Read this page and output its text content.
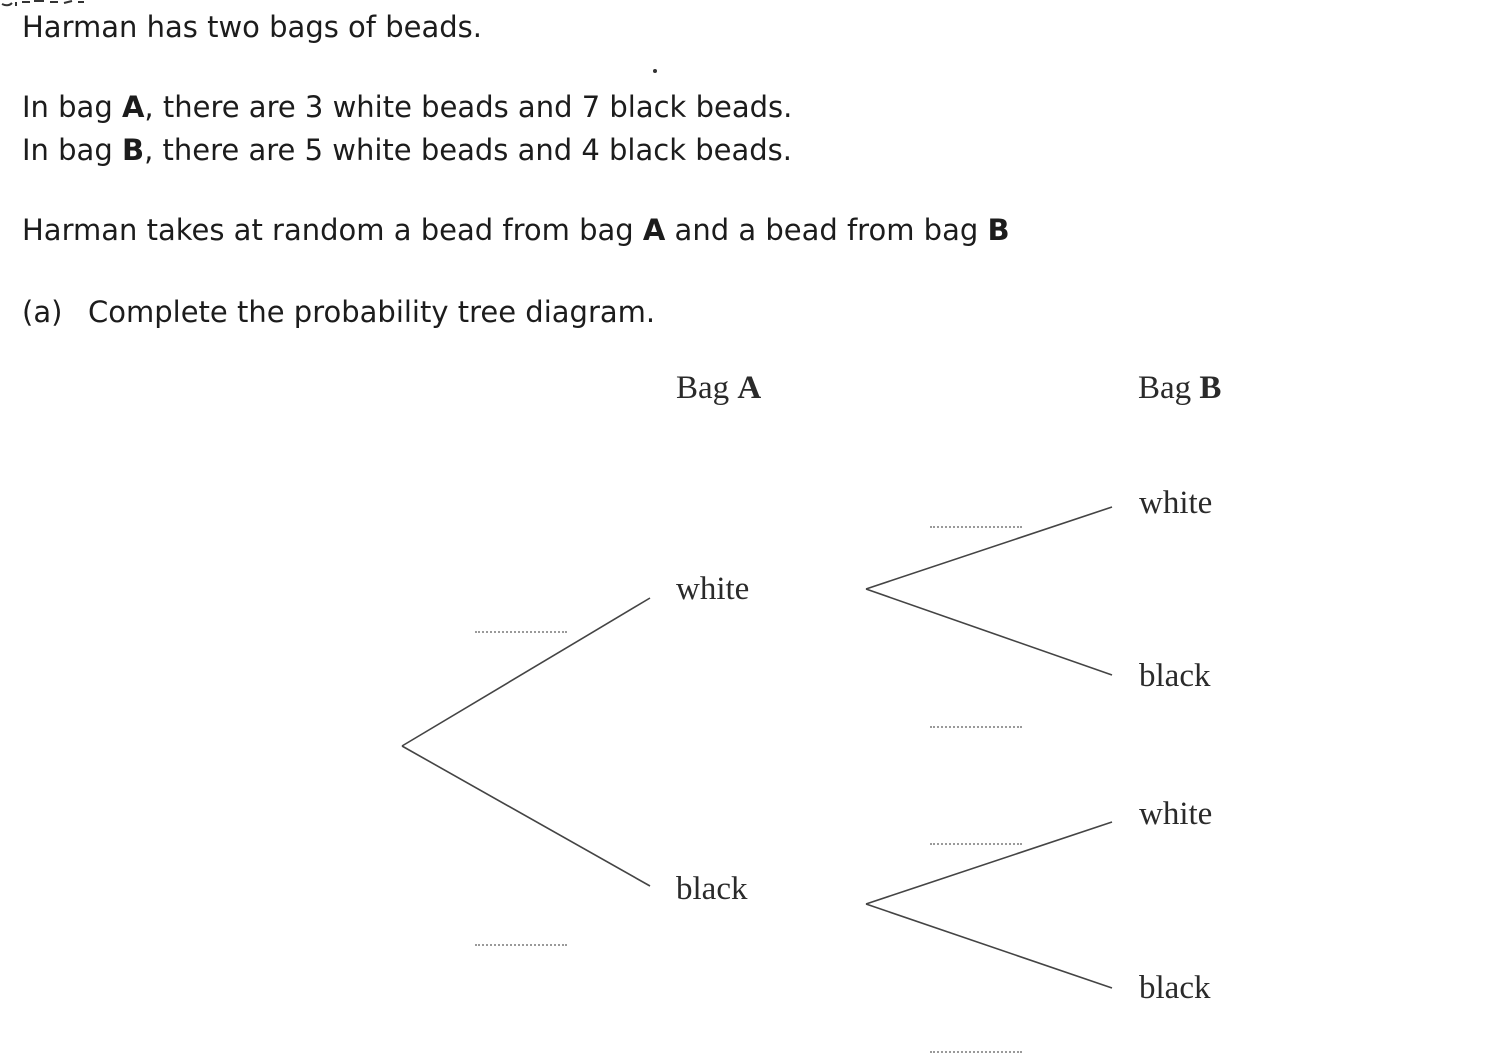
Harman has two bags of beads.

In bag A, there are 3 white beads and 7 black beads.

In bag B, there are 5 white beads and 4 black beads.

Harman takes at random a bead from bag A and a bead from bag B

(a) Complete the probability tree diagram.

Bag A	Bag B
white
black
white
black
white
black
